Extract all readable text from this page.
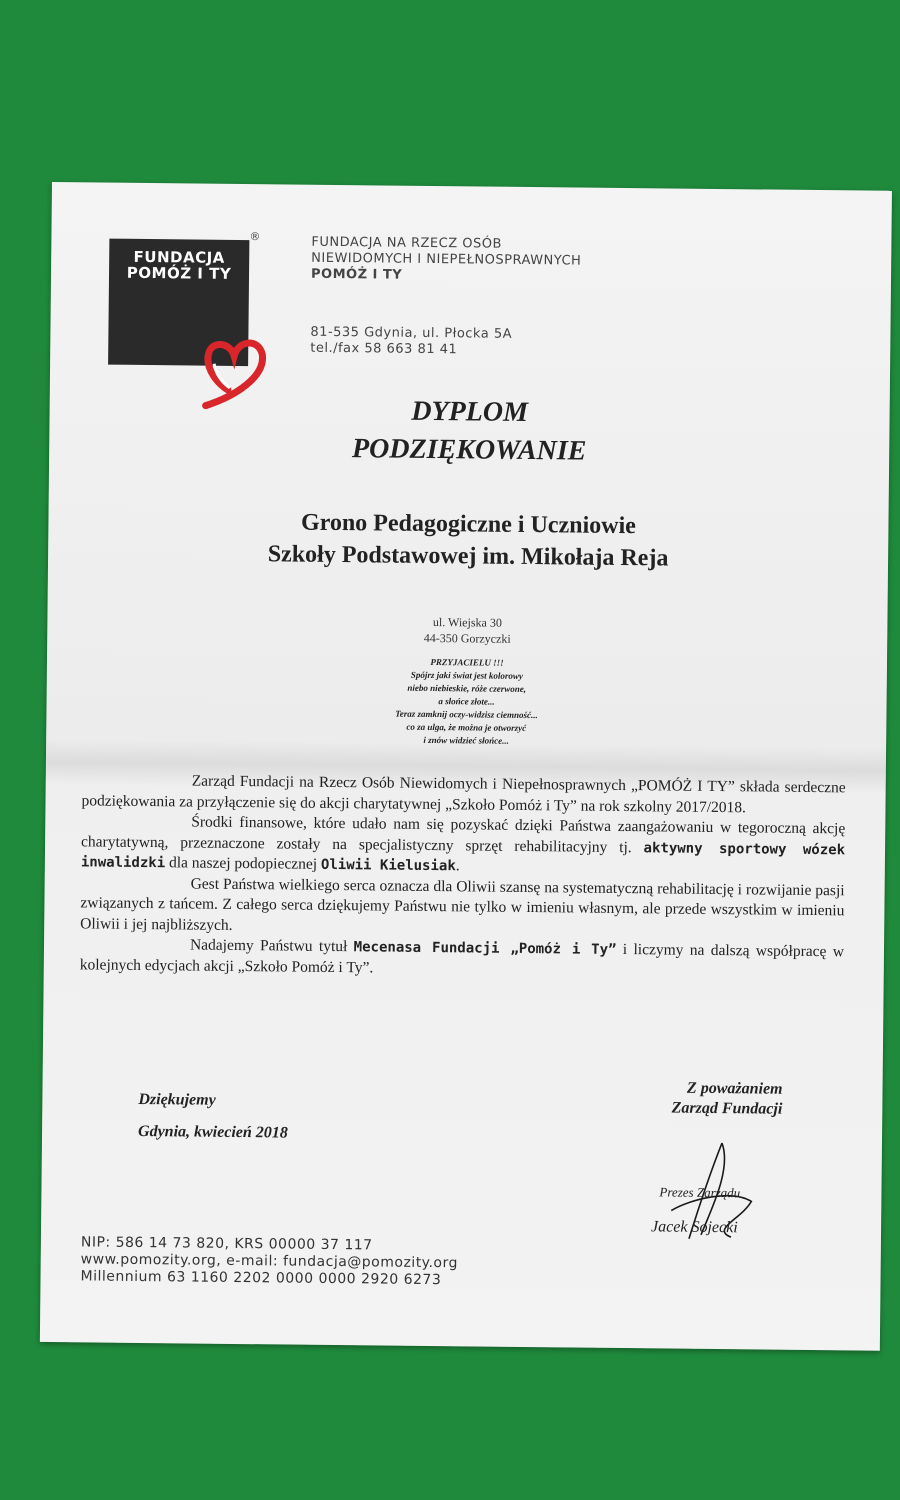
FUNDACJA
POMÓŻ I TY
®	FUNDACJA NA RZECZ OSÓB
NIEWIDOMYCH I NIEPEŁNOSPRAWNYCH
POMÓŻ I TY
81-535 Gdynia, ul. Płocka 5A
tel./fax 58 663 81 41
DYPLOM
PODZIĘKOWANIE
Grono Pedagogiczne i Uczniowie
Szkoły Podstawowej im. Mikołaja Reja
ul. Wiejska 30
44-350 Gorzyczki
PRZYJACIELU !!!
Spójrz jaki świat jest kolorowy
niebo niebieskie, róże czerwone,
a słońce złote...
Teraz zamknij oczy-widzisz ciemność...
co za ulga, że można je otworzyć
i znów widzieć słońce...

Zarząd Fundacji na Rzecz Osób Niewidomych i Niepełnosprawnych „POMÓŻ I TY” składa serdeczne podziękowania za przyłączenie się do akcji charytatywnej „Szkoło Pomóż i Ty” na rok szkolny 2017/2018.

Środki finansowe, które udało nam się pozyskać dzięki Państwa zaangażowaniu w tegoroczną akcję charytatywną, przeznaczone zostały na specjalistyczny sprzęt rehabilitacyjny tj. aktywny sportowy wózek inwalidzki dla naszej podopiecznej Oliwii Kielusiak.

Gest Państwa wielkiego serca oznacza dla Oliwii szansę na systematyczną rehabilitację i rozwijanie pasji związanych z tańcem. Z całego serca dziękujemy Państwu nie tylko w imieniu własnym, ale przede wszystkim w imieniu Oliwii i jej najbliższych.

Nadajemy Państwu tytuł Mecenasa Fundacji „Pomóż i Ty” i liczymy na dalszą współpracę w kolejnych edycjach akcji „Szkoło Pomóż i Ty”.

Dziękujemy
Gdynia, kwiecień 2018
Z poważaniem
Zarząd Fundacji
Prezes Zarządu
Jacek Sojecki
NIP: 586 14 73 820, KRS 00000 37 117
www.pomozity.org, e-mail: fundacja@pomozity.org
Millennium 63 1160 2202 0000 0000 2920 6273
